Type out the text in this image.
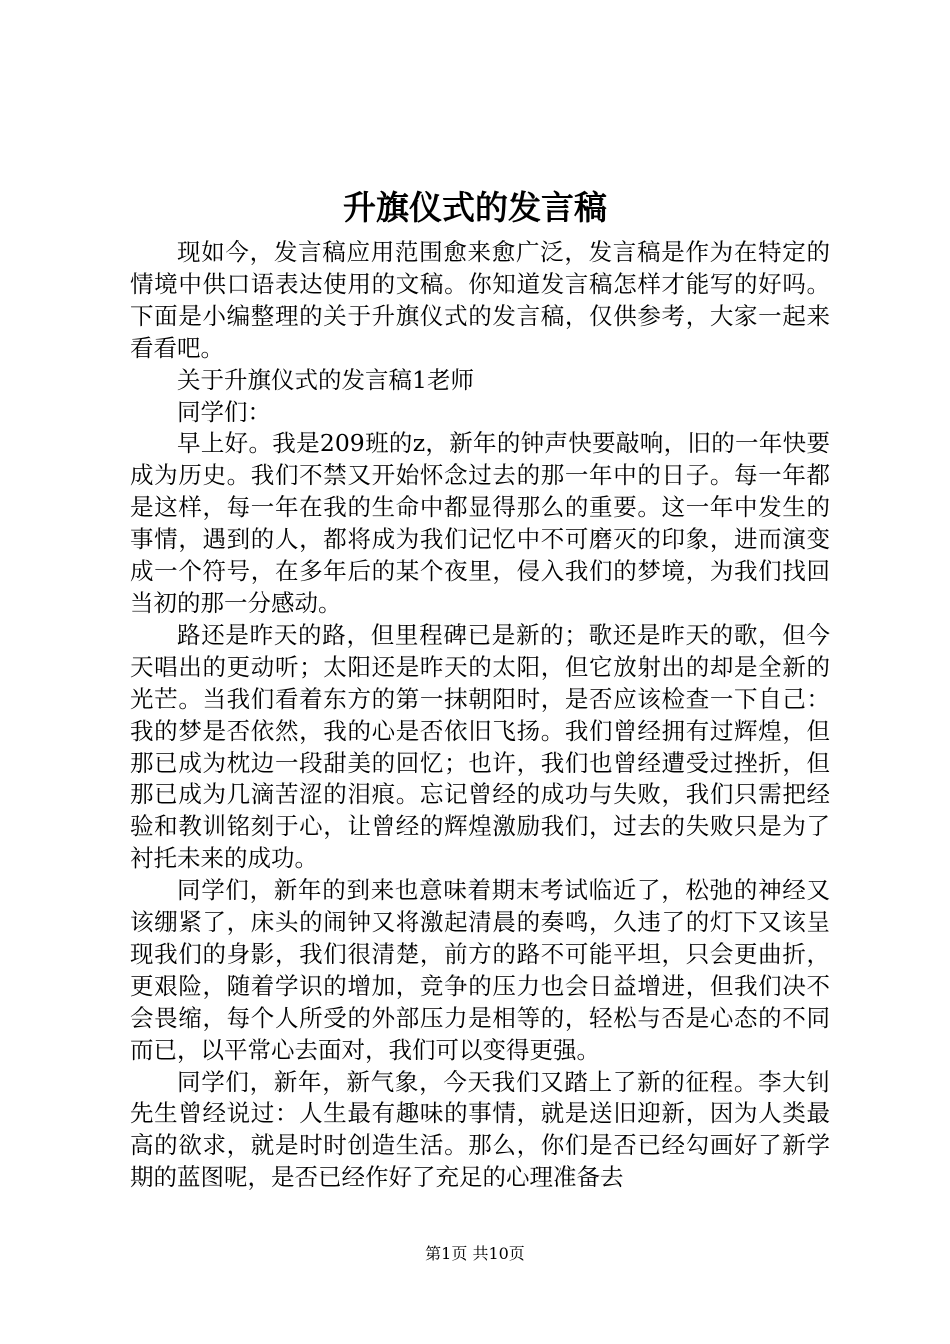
升旗仪式的发言稿

现如今，发言稿应用范围愈来愈广泛，发言稿是作为在特定的情境中供口语表达使用的文稿。你知道发言稿怎样才能写的好吗。下面是小编整理的关于升旗仪式的发言稿，仅供参考，大家一起来看看吧。

关于升旗仪式的发言稿1老师

同学们：

早上好。我是209班的z，新年的钟声快要敲响，旧的一年快要成为历史。我们不禁又开始怀念过去的那一年中的日子。每一年都是这样，每一年在我的生命中都显得那么的重要。这一年中发生的事情，遇到的人，都将成为我们记忆中不可磨灭的印象，进而演变成一个符号，在多年后的某个夜里，侵入我们的梦境，为我们找回当初的那一分感动。

路还是昨天的路，但里程碑已是新的；歌还是昨天的歌，但今天唱出的更动听；太阳还是昨天的太阳，但它放射出的却是全新的光芒。当我们看着东方的第一抹朝阳时，是否应该检查一下自己：我的梦是否依然，我的心是否依旧飞扬。我们曾经拥有过辉煌，但那已成为枕边一段甜美的回忆；也许，我们也曾经遭受过挫折，但那已成为几滴苦涩的泪痕。忘记曾经的成功与失败，我们只需把经验和教训铭刻于心，让曾经的辉煌激励我们，过去的失败只是为了衬托未来的成功。

同学们，新年的到来也意味着期末考试临近了，松弛的神经又该绷紧了，床头的闹钟又将激起清晨的奏鸣，久违了的灯下又该呈现我们的身影，我们很清楚，前方的路不可能平坦，只会更曲折，更艰险，随着学识的增加，竞争的压力也会日益增进，但我们决不会畏缩，每个人所受的外部压力是相等的，轻松与否是心态的不同而已，以平常心去面对，我们可以变得更强。

同学们，新年，新气象，今天我们又踏上了新的征程。李大钊先生曾经说过：人生最有趣味的事情，就是送旧迎新，因为人类最高的欲求，就是时时创造生活。那么，你们是否已经勾画好了新学期的蓝图呢，是否已经作好了充足的心理准备去

第1页 共10页
